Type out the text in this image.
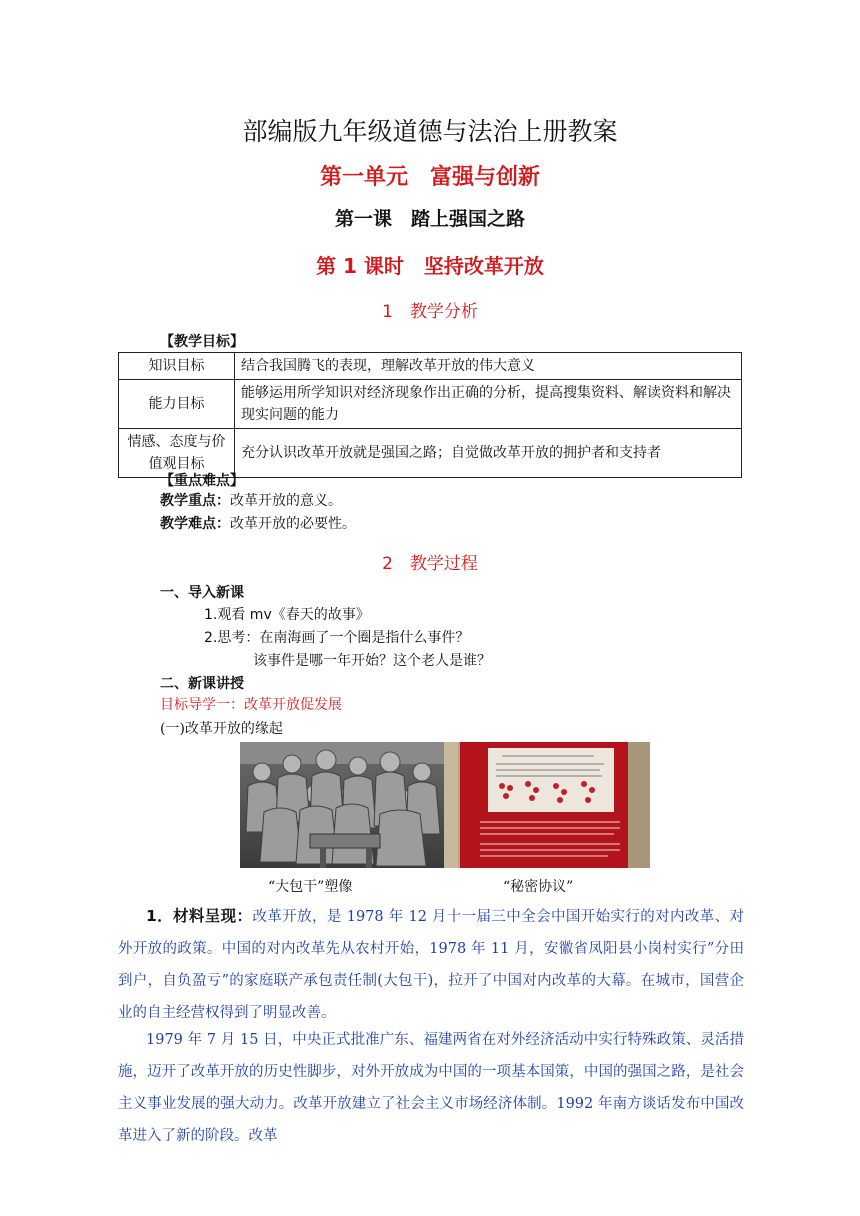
部编版九年级道德与法治上册教案
第一单元　富强与创新
第一课　踏上强国之路
第 1 课时　坚持改革开放
1　教学分析
【教学目标】
知识目标	结合我国腾飞的表现，理解改革开放的伟大意义
能力目标	能够运用所学知识对经济现象作出正确的分析，提高搜集资料、解读资料和解决现实问题的能力
情感、态度与价值观目标	充分认识改革开放就是强国之路；自觉做改革开放的拥护者和支持者
【重点难点】
教学重点：改革开放的意义。
教学难点：改革开放的必要性。
2　教学过程
一、导入新课
1.观看 mv《春天的故事》
2.思考：在南海画了一个圈是指什么事件？
该事件是哪一年开始？这个老人是谁？
二、新课讲授
目标导学一：改革开放促发展
(一)改革开放的缘起
“大包干”塑像	“秘密协议”

1．材料呈现：改革开放，是 1978 年 12 月十一届三中全会中国开始实行的对内改革、对外开放的政策。中国的对内改革先从农村开始，1978 年 11 月，安徽省凤阳县小岗村实行”分田到户，自负盈亏”的家庭联产承包责任制(大包干)，拉开了中国对内改革的大幕。在城市，国营企业的自主经营权得到了明显改善。

1979 年 7 月 15 日，中央正式批准广东、福建两省在对外经济活动中实行特殊政策、灵活措施，迈开了改革开放的历史性脚步，对外开放成为中国的一项基本国策，中国的强国之路，是社会主义事业发展的强大动力。改革开放建立了社会主义市场经济体制。1992 年南方谈话发布中国改革进入了新的阶段。改革
